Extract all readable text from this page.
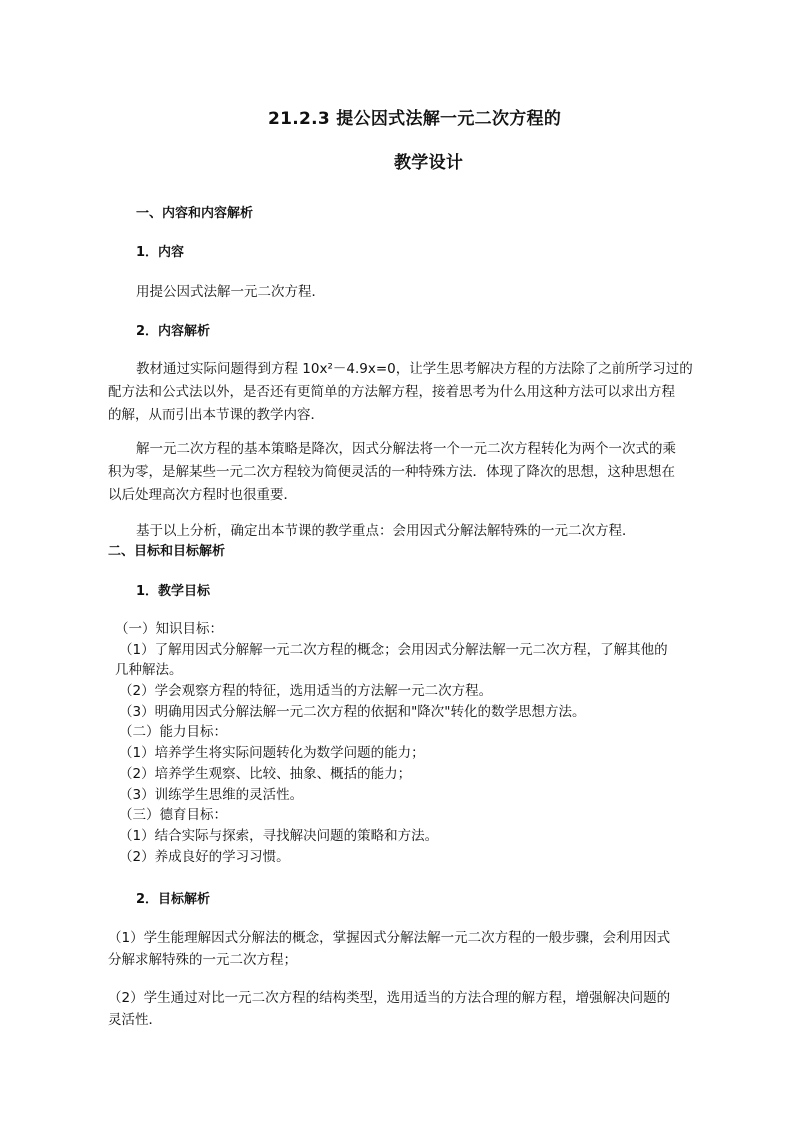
21.2.3 提公因式法解一元二次方程的
教学设计
一、内容和内容解析
1．内容
用提公因式法解一元二次方程．
2．内容解析
教材通过实际问题得到方程 10x²－4.9x=0，让学生思考解决方程的方法除了之前所学习过的
配方法和公式法以外，是否还有更简单的方法解方程，接着思考为什么用这种方法可以求出方程
的解，从而引出本节课的教学内容．
解一元二次方程的基本策略是降次，因式分解法将一个一元二次方程转化为两个一次式的乘
积为零，是解某些一元二次方程较为简便灵活的一种特殊方法．体现了降次的思想，这种思想在
以后处理高次方程时也很重要．
基于以上分析，确定出本节课的教学重点：会用因式分解法解特殊的一元二次方程．
二、目标和目标解析
1．教学目标
（一）知识目标：
（1）了解用因式分解解一元二次方程的概念；会用因式分解法解一元二次方程，了解其他的
几种解法。
（2）学会观察方程的特征，选用适当的方法解一元二次方程。
（3）明确用因式分解法解一元二次方程的依据和"降次"转化的数学思想方法。
（二）能力目标：
（1）培养学生将实际问题转化为数学问题的能力；
（2）培养学生观察、比较、抽象、概括的能力；
（3）训练学生思维的灵活性。
（三）德育目标：
（1）结合实际与探索，寻找解决问题的策略和方法。
（2）养成良好的学习习惯。
2．目标解析
（1）学生能理解因式分解法的概念，掌握因式分解法解一元二次方程的一般步骤，会利用因式
分解求解特殊的一元二次方程；
（2）学生通过对比一元二次方程的结构类型，选用适当的方法合理的解方程，增强解决问题的
灵活性．
